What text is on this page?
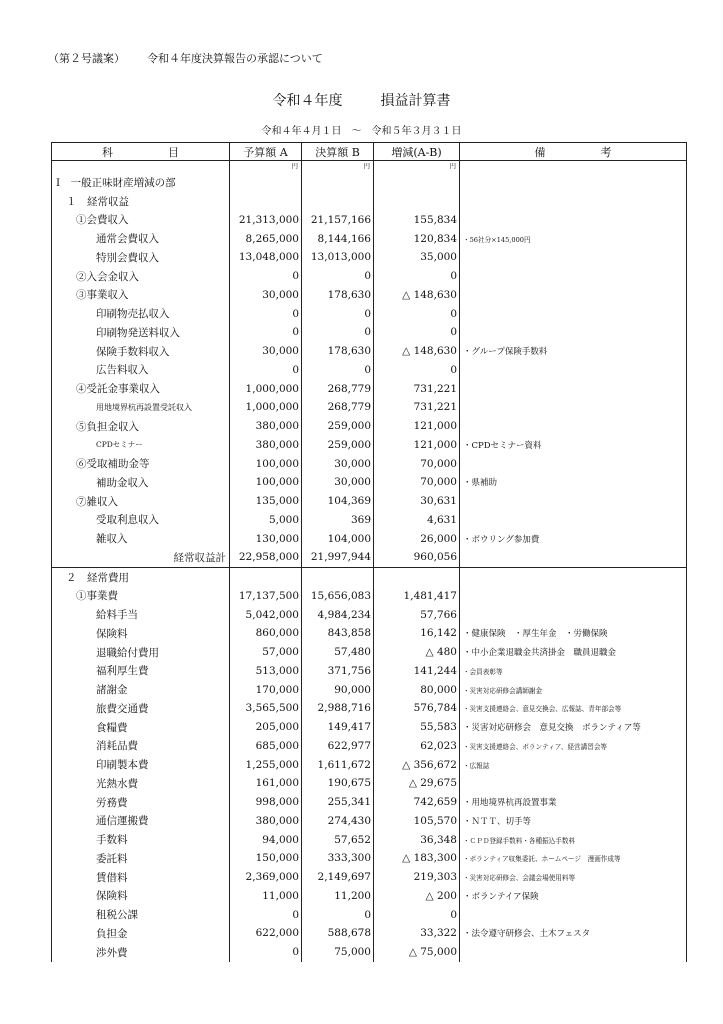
（第２号議案） 令和４年度決算報告の承認について
令和４年度	損益計算書
令和４年４月１日　～　令和５年３月３１日
科　　　　　目	予算額 A	決算額 B	増減(A-B)	備　　　　　考
	円	円	円	
Ⅰ　一般正味財産増減の部				
１　経常収益				
①会費収入	21,313,000	21,157,166	155,834	
通常会費収入	8,265,000	8,144,166	120,834	・56社分×145,000円
特別会費収入	13,048,000	13,013,000	35,000	
②入会金収入	0	0	0	
③事業収入	30,000	178,630	△ 148,630	
印刷物売払収入	0	0	0	
印刷物発送料収入	0	0	0	
保険手数料収入	30,000	178,630	△ 148,630	・グループ保険手数料
広告料収入	0	0	0	
④受託金事業収入	1,000,000	268,779	731,221	
用地境界杭再設置受託収入	1,000,000	268,779	731,221	
⑤負担金収入	380,000	259,000	121,000	
CPDセミナー	380,000	259,000	121,000	・CPDセミナー資料
⑥受取補助金等	100,000	30,000	70,000	
補助金収入	100,000	30,000	70,000	・県補助
⑦雑収入	135,000	104,369	30,631	
受取利息収入	5,000	369	4,631	
雑収入	130,000	104,000	26,000	・ボウリング参加費
経常収益計	22,958,000	21,997,944	960,056	
２　経常費用				
①事業費	17,137,500	15,656,083	1,481,417	
給料手当	5,042,000	4,984,234	57,766	
保険料	860,000	843,858	16,142	・健康保険　・厚生年金　・労働保険
退職給付費用	57,000	57,480	△ 480	・中小企業退職金共済掛金　職員退職金
福利厚生費	513,000	371,756	141,244	・会員表彰等
諸謝金	170,000	90,000	80,000	・災害対応研修会講師謝金
旅費交通費	3,565,500	2,988,716	576,784	・災害支援連絡会、意見交換会、広報誌、青年部会等
食糧費	205,000	149,417	55,583	・災害対応研修会　意見交換　ボランティア等
消耗品費	685,000	622,977	62,023	・災害支援連絡会、ボランティア、経営講習会等
印刷製本費	1,255,000	1,611,672	△ 356,672	・広報誌
光熱水費	161,000	190,675	△ 29,675	
労務費	998,000	255,341	742,659	・用地境界杭再設置事業
通信運搬費	380,000	274,430	105,570	・ＮＴＴ、切手等
手数料	94,000	57,652	36,348	・ＣＰＤ登録手数料・各種振込手数料
委託料	150,000	333,300	△ 183,300	・ボランティア収集委託、ホームページ　漫画作成等
賃借料	2,369,000	2,149,697	219,303	・災害対応研修会、会議会場使用料等
保険料	11,000	11,200	△ 200	・ボランテイア保険
租税公課	0	0	0	
負担金	622,000	588,678	33,322	・法令遵守研修会、土木フェスタ
渉外費	0	75,000	△ 75,000	
